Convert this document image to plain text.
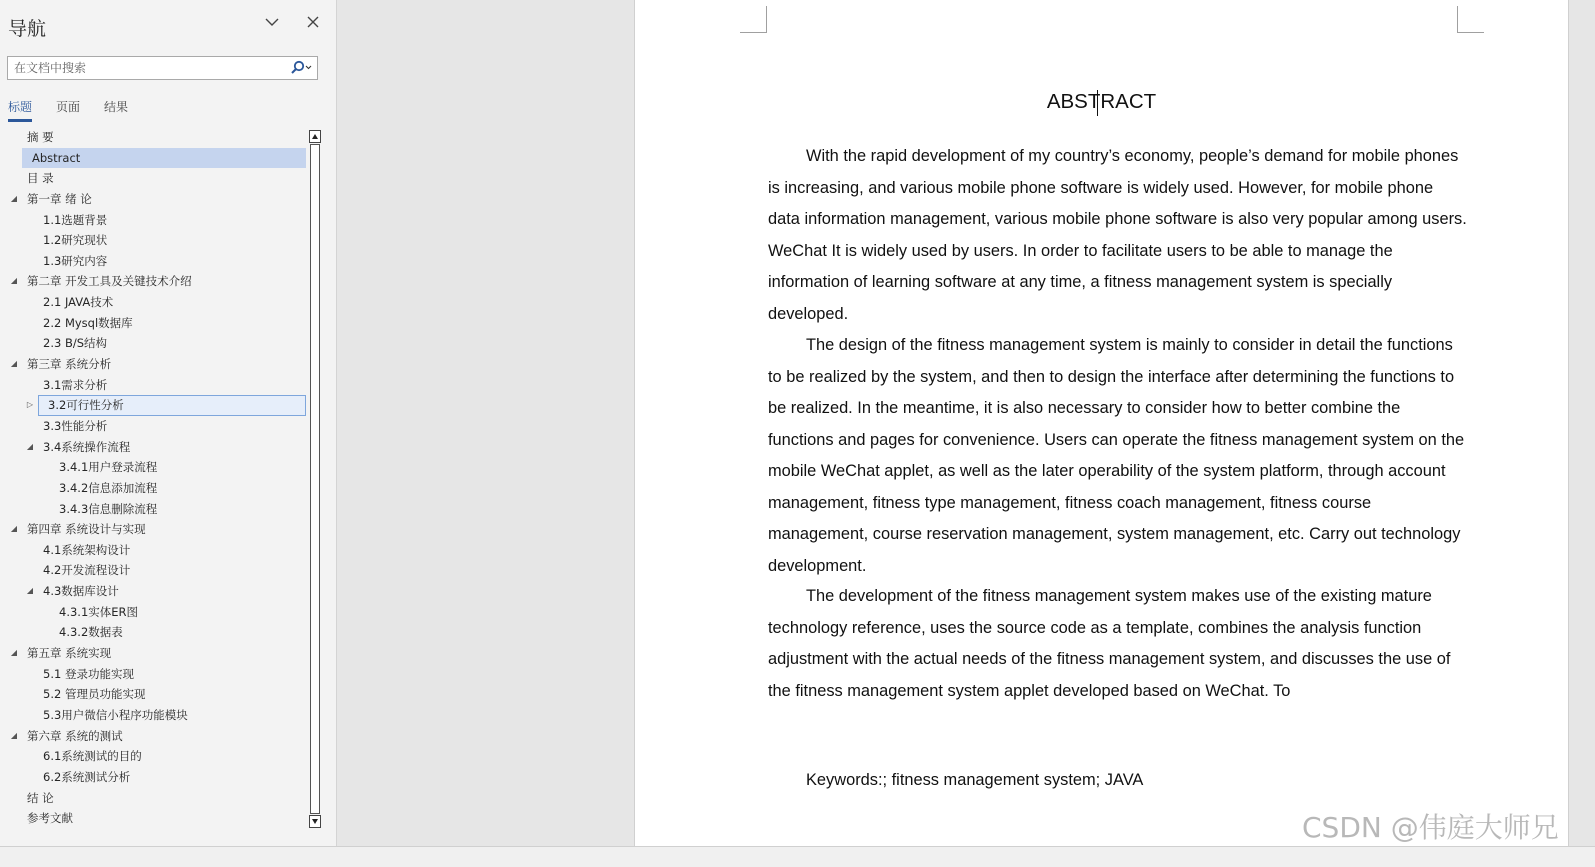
导航
在文档中搜索
标题 页面 结果
摘 要
Abstract
目 录
◢ 第一章 绪 论
1.1选题背景
1.2研究现状
1.3研究内容
◢ 第二章 开发工具及关键技术介绍
2.1 JAVA技术
2.2 Mysql数据库
2.3 B/S结构
◢ 第三章 系统分析
3.1需求分析
▷ 3.2可行性分析
3.3性能分析
◢ 3.4系统操作流程
3.4.1用户登录流程
3.4.2信息添加流程
3.4.3信息删除流程
◢ 第四章 系统设计与实现
4.1系统架构设计
4.2开发流程设计
◢ 4.3数据库设计
4.3.1实体ER图
4.3.2数据表
◢ 第五章 系统实现
5.1 登录功能实现
5.2 管理员功能实现
5.3用户微信小程序功能模块
◢ 第六章 系统的测试
6.1系统测试的目的
6.2系统测试分析
结 论
参考文献
ABSTRACT

With the rapid development of my country’s economy, people’s demand for mobile phones is increasing, and various mobile phone software is widely used. However, for mobile phone data information management, various mobile phone software is also very popular among users. WeChat It is widely used by users. In order to facilitate users to be able to manage the information of learning software at any time, a fitness management system is specially developed.

The design of the fitness management system is mainly to consider in detail the functions to be realized by the system, and then to design the interface after determining the functions to be realized. In the meantime, it is also necessary to consider how to better combine the functions and pages for convenience. Users can operate the fitness management system on the mobile WeChat applet, as well as the later operability of the system platform, through account management, fitness type management, fitness coach management, fitness course management, course reservation management, system management, etc. Carry out technology development.

The development of the fitness management system makes use of the existing mature technology reference, uses the source code as a template, combines the analysis function adjustment with the actual needs of the fitness management system, and discusses the use of the fitness management system applet developed based on WeChat. To

Keywords:; fitness management system; JAVA
CSDN @伟庭大师兄
